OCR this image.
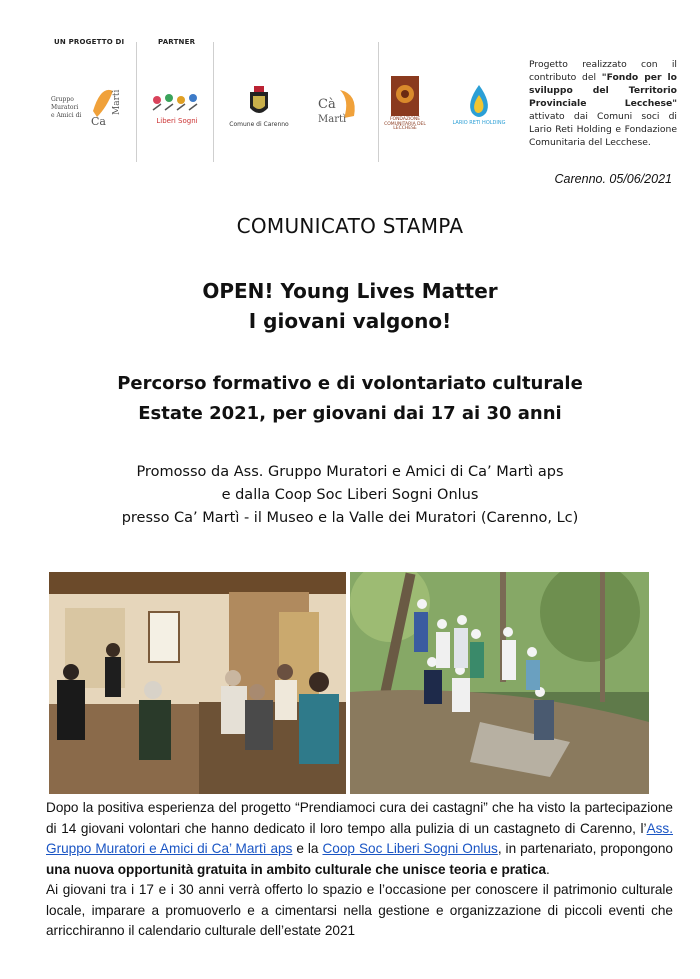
UN PROGETTO DI	PARTNER
Gruppo
Muratori
e Amici di Ca
Martì
Liberi Sogni	Comune di Carenno
Cà
Martì	FONDAZIONE COMUNITARIA DEL LECCHESE
LARIO RETI HOLDING
Progetto realizzato con il contributo del "Fondo per lo sviluppo del Territorio Provinciale Lecchese" attivato dai Comuni soci di Lario Reti Holding e Fondazione Comunitaria del Lecchese.
Carenno. 05/06/2021
COMUNICATO STAMPA
OPEN! Young Lives Matter
I giovani valgono!
Percorso formativo e di volontariato culturale
Estate 2021, per giovani dai 17 ai 30 anni
Promosso da Ass. Gruppo Muratori e Amici di Ca’ Martì aps
e dalla Coop Soc Liberi Sogni Onlus
presso Ca’ Martì - il Museo e la Valle dei Muratori (Carenno, Lc)

Dopo la positiva esperienza del progetto “Prendiamoci cura dei castagni” che ha visto la partecipazione di 14 giovani volontari che hanno dedicato il loro tempo alla pulizia di un castagneto di Carenno, l’Ass. Gruppo Muratori e Amici di Ca’ Martì aps e la Coop Soc Liberi Sogni Onlus, in partenariato, propongono una nuova opportunità gratuita in ambito culturale che unisce teoria e pratica.

Ai giovani tra i 17 e i 30 anni verrà offerto lo spazio e l’occasione per conoscere il patrimonio culturale locale, imparare a promuoverlo e a cimentarsi nella gestione e organizzazione di piccoli eventi che arricchiranno il calendario culturale dell’estate 2021
